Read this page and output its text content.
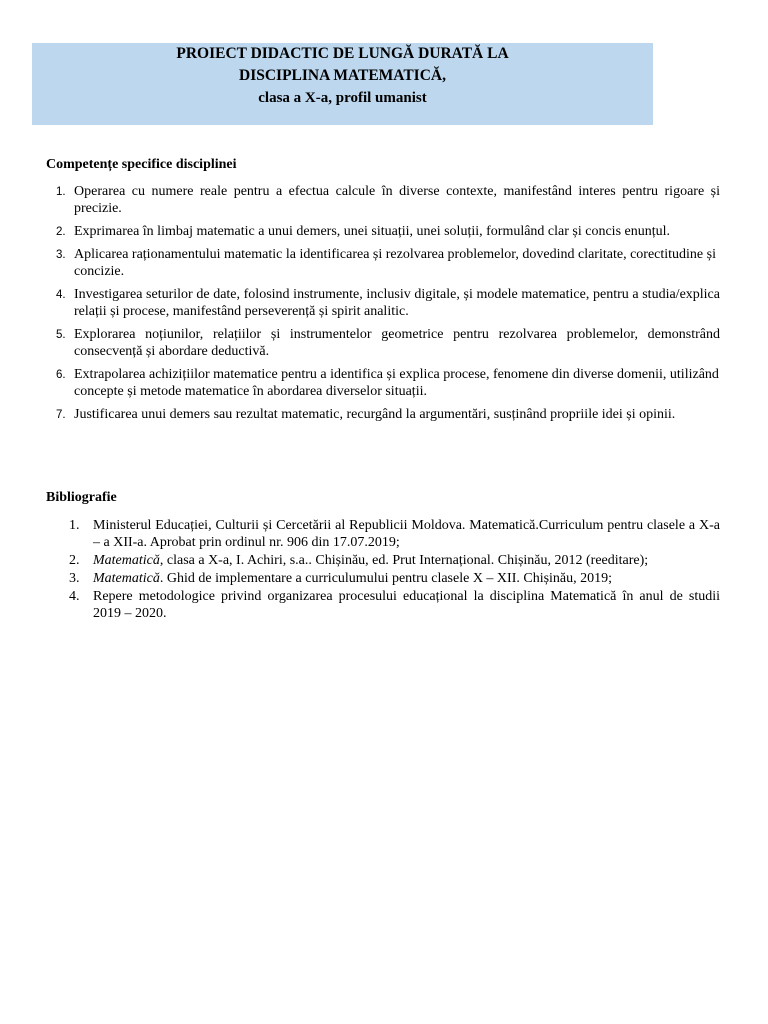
PROIECT DIDACTIC DE LUNGĂ DURATĂ LA
DISCIPLINA MATEMATICĂ,
clasa a X-a, profil umanist
Competențe specifice disciplinei
1. Operarea cu numere reale pentru a efectua calcule în diverse contexte, manifestând interes pentru rigoare și precizie.
2. Exprimarea în limbaj matematic a unui demers, unei situații, unei soluții, formulând clar și concis enunțul.
3. Aplicarea raționamentului matematic la identificarea și rezolvarea problemelor, dovedind claritate, corectitudine și concizie.
4. Investigarea seturilor de date, folosind instrumente, inclusiv digitale, și modele matematice, pentru a studia/explica relații și procese, manifestând perseverență și spirit analitic.
5. Explorarea noțiunilor, relațiilor și instrumentelor geometrice pentru rezolvarea problemelor, demonstrând consecvență și abordare deductivă.
6. Extrapolarea achizițiilor matematice pentru a identifica și explica procese, fenomene din diverse domenii, utilizând concepte și metode matematice în abordarea diverselor situații.
7. Justificarea unui demers sau rezultat matematic, recurgând la argumentări, susținând propriile idei și opinii.
Bibliografie
1. Ministerul Educației, Culturii și Cercetării al Republicii Moldova. Matematică.Curriculum pentru clasele a X-a – a XII-a. Aprobat prin ordinul nr. 906 din 17.07.2019;
2. Matematică, clasa a X-a, I. Achiri, s.a.. Chișinău, ed. Prut Internațional. Chișinău, 2012 (reeditare);
3. Matematică. Ghid de implementare a curriculumului pentru clasele X – XII. Chișinău, 2019;
4. Repere metodologice privind organizarea procesului educațional la disciplina Matematică în anul de studii 2019 – 2020.
